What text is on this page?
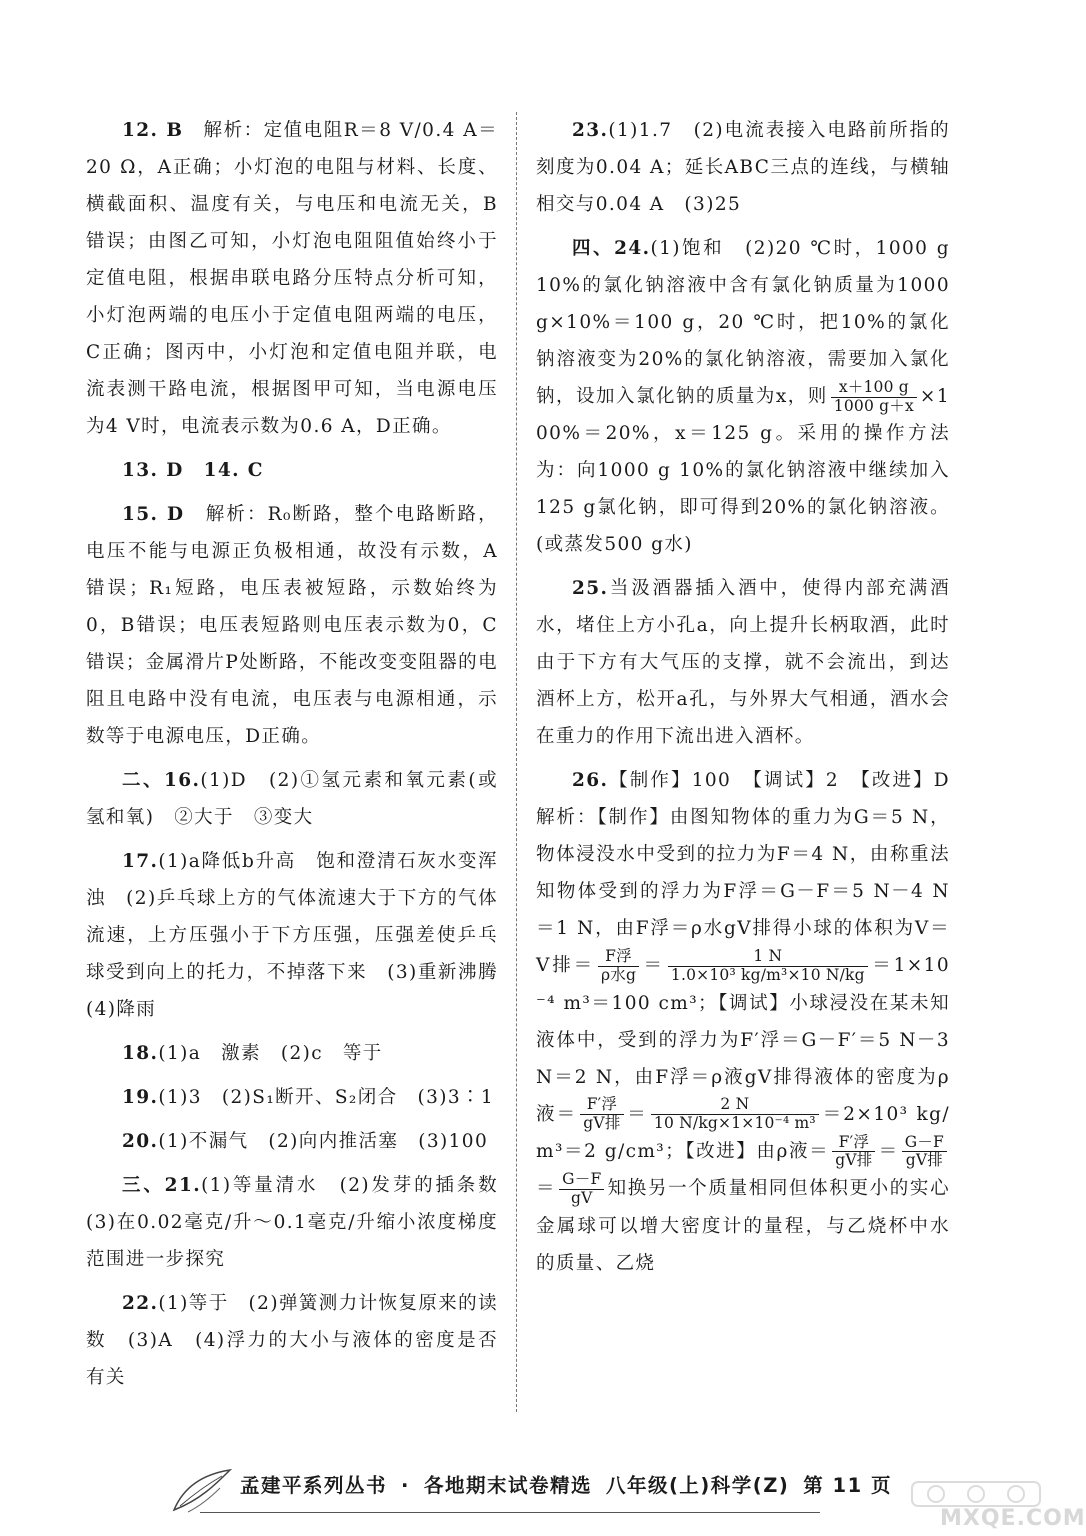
12. B　 解析：定值电阻R＝8 V/0.4 A＝20 Ω，A正确；小灯泡的电阻与材料、长度、横截面积、温度有关，与电压和电流无关，B错误；由图乙可知，小灯泡电阻阻值始终小于定值电阻，根据串联电路分压特点分析可知，小灯泡两端的电压小于定值电阻两端的电压，C正确；图丙中，小灯泡和定值电阻并联，电流表测干路电流，根据图甲可知，当电源电压为4 V时，电流表示数为0.6 A，D正确。

13. D　 14. C

15. D　 解析：R₀断路，整个电路断路，电压不能与电源正负极相通，故没有示数，A错误；R₁短路，电压表被短路，示数始终为0，B错误；电压表短路则电压表示数为0，C错误；金属滑片P处断路，不能改变变阻器的电阻且电路中没有电流，电压表与电源相通，示数等于电源电压，D正确。

二、16.(1)D　(2)①氢元素和氧元素(或氢和氧)　②大于　③变大

17.(1)a降低b升高　饱和澄清石灰水变浑浊　(2)乒乓球上方的气体流速大于下方的气体流速，上方压强小于下方压强，压强差使乒乓球受到向上的托力，不掉落下来　(3)重新沸腾　(4)降雨

18.(1)a　激素　(2)c　等于

19.(1)3　(2)S₁断开、S₂闭合　(3)3∶1

20.(1)不漏气　(2)向内推活塞　(3)100

三、21.(1)等量清水　(2)发芽的插条数　(3)在0.02毫克/升～0.1毫克/升缩小浓度梯度范围进一步探究

22.(1)等于　(2)弹簧测力计恢复原来的读数　(3)A　(4)浮力的大小与液体的密度是否有关

23.(1)1.7　(2)电流表接入电路前所指的刻度为0.04 A；延长ABC三点的连线，与横轴相交与0.04 A　(3)25

四、24.(1)饱和　(2)20 ℃时，1000 g 10%的氯化钠溶液中含有氯化钠质量为1000 g×10%＝100 g，20 ℃时，把10%的氯化钠溶液变为20%的氯化钠溶液，需要加入氯化钠，设加入氯化钠的质量为x，则 $\frac{x+100 g}{1000 g+x} \times 100\%=20\%$，x＝125 g。采用的操作方法为：向1000 g 10%的氯化钠溶液中继续加入125 g氯化钠，即可得到20%的氯化钠溶液。(或蒸发500 g水)

25.当汲酒器插入酒中，使得内部充满酒水，堵住上方小孔a，向上提升长柄取酒，此时由于下方有大气压的支撑，就不会流出，到达酒杯上方，松开a孔，与外界大气相通，酒水会在重力的作用下流出进入酒杯。

26.【制作】100　【调试】2　【改进】D　解析：【制作】由图知物体的重力为G＝5 N，物体浸没水中受到的拉力为F＝4 N，由称重法知物体受到的浮力为F浮＝G－F＝5 N－4 N＝1 N，由F浮＝ρ水gV排得小球的体积为V＝V排＝ $\frac{\text{F浮}}{\text{ρ水g}} = \frac{1 N}{\text{1.0×10³ kg/m³×10 N/kg}} =1\times 10^{-4}$ m³＝100 cm³；【调试】小球浸没在某未知液体中，受到的浮力为F′浮＝G－F′＝5 N－3 N＝2 N，由F浮＝ρ液gV排得液体的密度为ρ液＝ $\frac{\text{F′浮}}{\text{gV排}} = \frac{2 N}{\text{10 N/kg×1×10⁻⁴ m³}} =2\times 10^3$ kg/m³＝2 g/cm³；【改进】由ρ液＝ $\frac{\text{F′浮}}{\text{gV排}} = \frac{G-F}{\text{gV排}}$
＝ $\frac{G-F}{gV}$ 知换另一个质量相同但体积更小的实心金属球可以增大密度计的量程，与乙烧杯中水的质量、乙烧

孟建平系列丛书 · 各地期末试卷精选 八年级(上)科学(Z) 第 11 页
MXQE.COM
